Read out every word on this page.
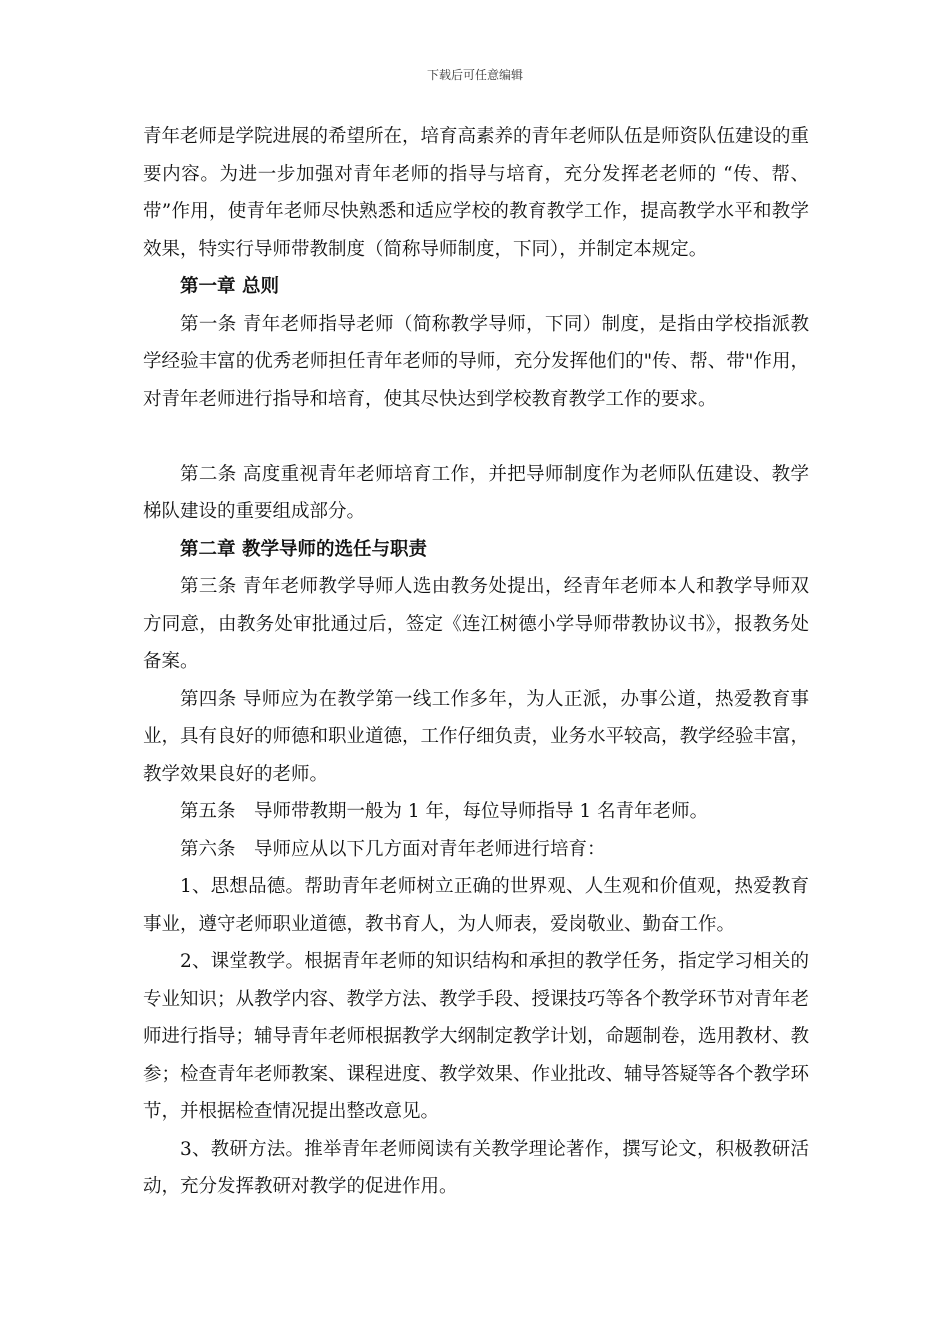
下载后可任意编辑

青年老师是学院进展的希望所在，培育高素养的青年老师队伍是师资队伍建设的重要内容。为进一步加强对青年老师的指导与培育，充分发挥老老师的 “传、帮、带”作用，使青年老师尽快熟悉和适应学校的教育教学工作，提高教学水平和教学效果，特实行导师带教制度（简称导师制度，下同），并制定本规定。

第一章 总则

第一条 青年老师指导老师（简称教学导师，下同）制度，是指由学校指派教学经验丰富的优秀老师担任青年老师的导师，充分发挥他们的"传、帮、带"作用，对青年老师进行指导和培育，使其尽快达到学校教育教学工作的要求。

第二条 高度重视青年老师培育工作，并把导师制度作为老师队伍建设、教学梯队建设的重要组成部分。

第二章 教学导师的选任与职责

第三条 青年老师教学导师人选由教务处提出，经青年老师本人和教学导师双方同意，由教务处审批通过后，签定《连江树德小学导师带教协议书》，报教务处备案。

第四条 导师应为在教学第一线工作多年，为人正派，办事公道，热爱教育事业，具有良好的师德和职业道德，工作仔细负责，业务水平较高，教学经验丰富，教学效果良好的老师。

第五条　导师带教期一般为 1 年，每位导师指导 1 名青年老师。

第六条　导师应从以下几方面对青年老师进行培育：

1、思想品德。帮助青年老师树立正确的世界观、人生观和价值观，热爱教育事业，遵守老师职业道德，教书育人，为人师表，爱岗敬业、勤奋工作。

2、课堂教学。根据青年老师的知识结构和承担的教学任务，指定学习相关的专业知识；从教学内容、教学方法、教学手段、授课技巧等各个教学环节对青年老师进行指导；辅导青年老师根据教学大纲制定教学计划，命题制卷，选用教材、教参；检查青年老师教案、课程进度、教学效果、作业批改、辅导答疑等各个教学环节，并根据检查情况提出整改意见。

3、教研方法。推举青年老师阅读有关教学理论著作，撰写论文，积极教研活动，充分发挥教研对教学的促进作用。
